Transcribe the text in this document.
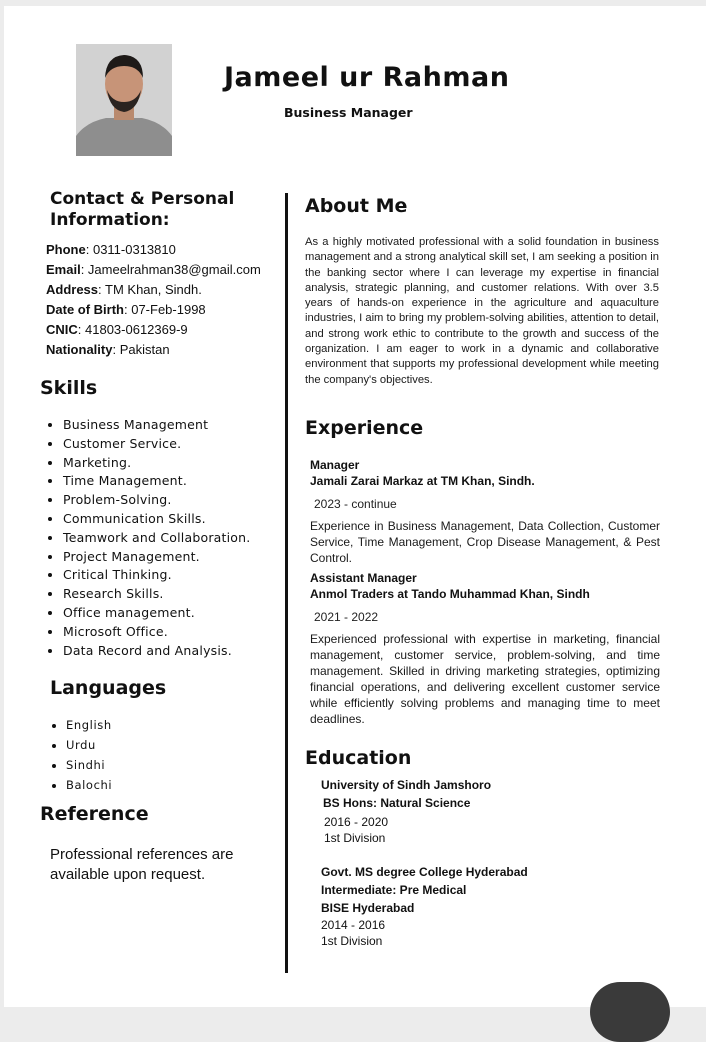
Jameel ur Rahman
Business Manager
Contact & Personal Information:
Phone: 0311-0313810
Email: Jameelrahman38@gmail.com
Address: TM Khan, Sindh.
Date of Birth: 07-Feb-1998
CNIC: 41803-0612369-9
Nationality: Pakistan
Skills
• Business Management
• Customer Service.
• Marketing.
• Time Management.
• Problem-Solving.
• Communication Skills.
• Teamwork and Collaboration.
• Project Management.
• Critical Thinking.
• Research Skills.
• Office management.
• Microsoft Office.
• Data Record and Analysis.
Languages
• English
• Urdu
• Sindhi
• Balochi
Reference
Professional references are available upon request.
About Me
As a highly motivated professional with a solid foundation in business management and a strong analytical skill set, I am seeking a position in the banking sector where I can leverage my expertise in financial analysis, strategic planning, and customer relations. With over 3.5 years of hands-on experience in the agriculture and aquaculture industries, I aim to bring my problem-solving abilities, attention to detail, and strong work ethic to contribute to the growth and success of the organization. I am eager to work in a dynamic and collaborative environment that supports my professional development while meeting the company's objectives.
Experience
Manager
Jamali Zarai Markaz at TM Khan, Sindh.
2023 - continue
Experience in Business Management, Data Collection, Customer Service, Time Management, Crop Disease Management, & Pest Control.
Assistant Manager
Anmol Traders at Tando Muhammad Khan, Sindh
2021 - 2022
Experienced professional with expertise in marketing, financial management, customer service, problem-solving, and time management. Skilled in driving marketing strategies, optimizing financial operations, and delivering excellent customer service while efficiently solving problems and managing time to meet deadlines.
Education
University of Sindh Jamshoro
BS Hons: Natural Science
2016 - 2020
1st Division
Govt. MS degree College Hyderabad
Intermediate: Pre Medical
BISE Hyderabad
2014 - 2016
1st Division
